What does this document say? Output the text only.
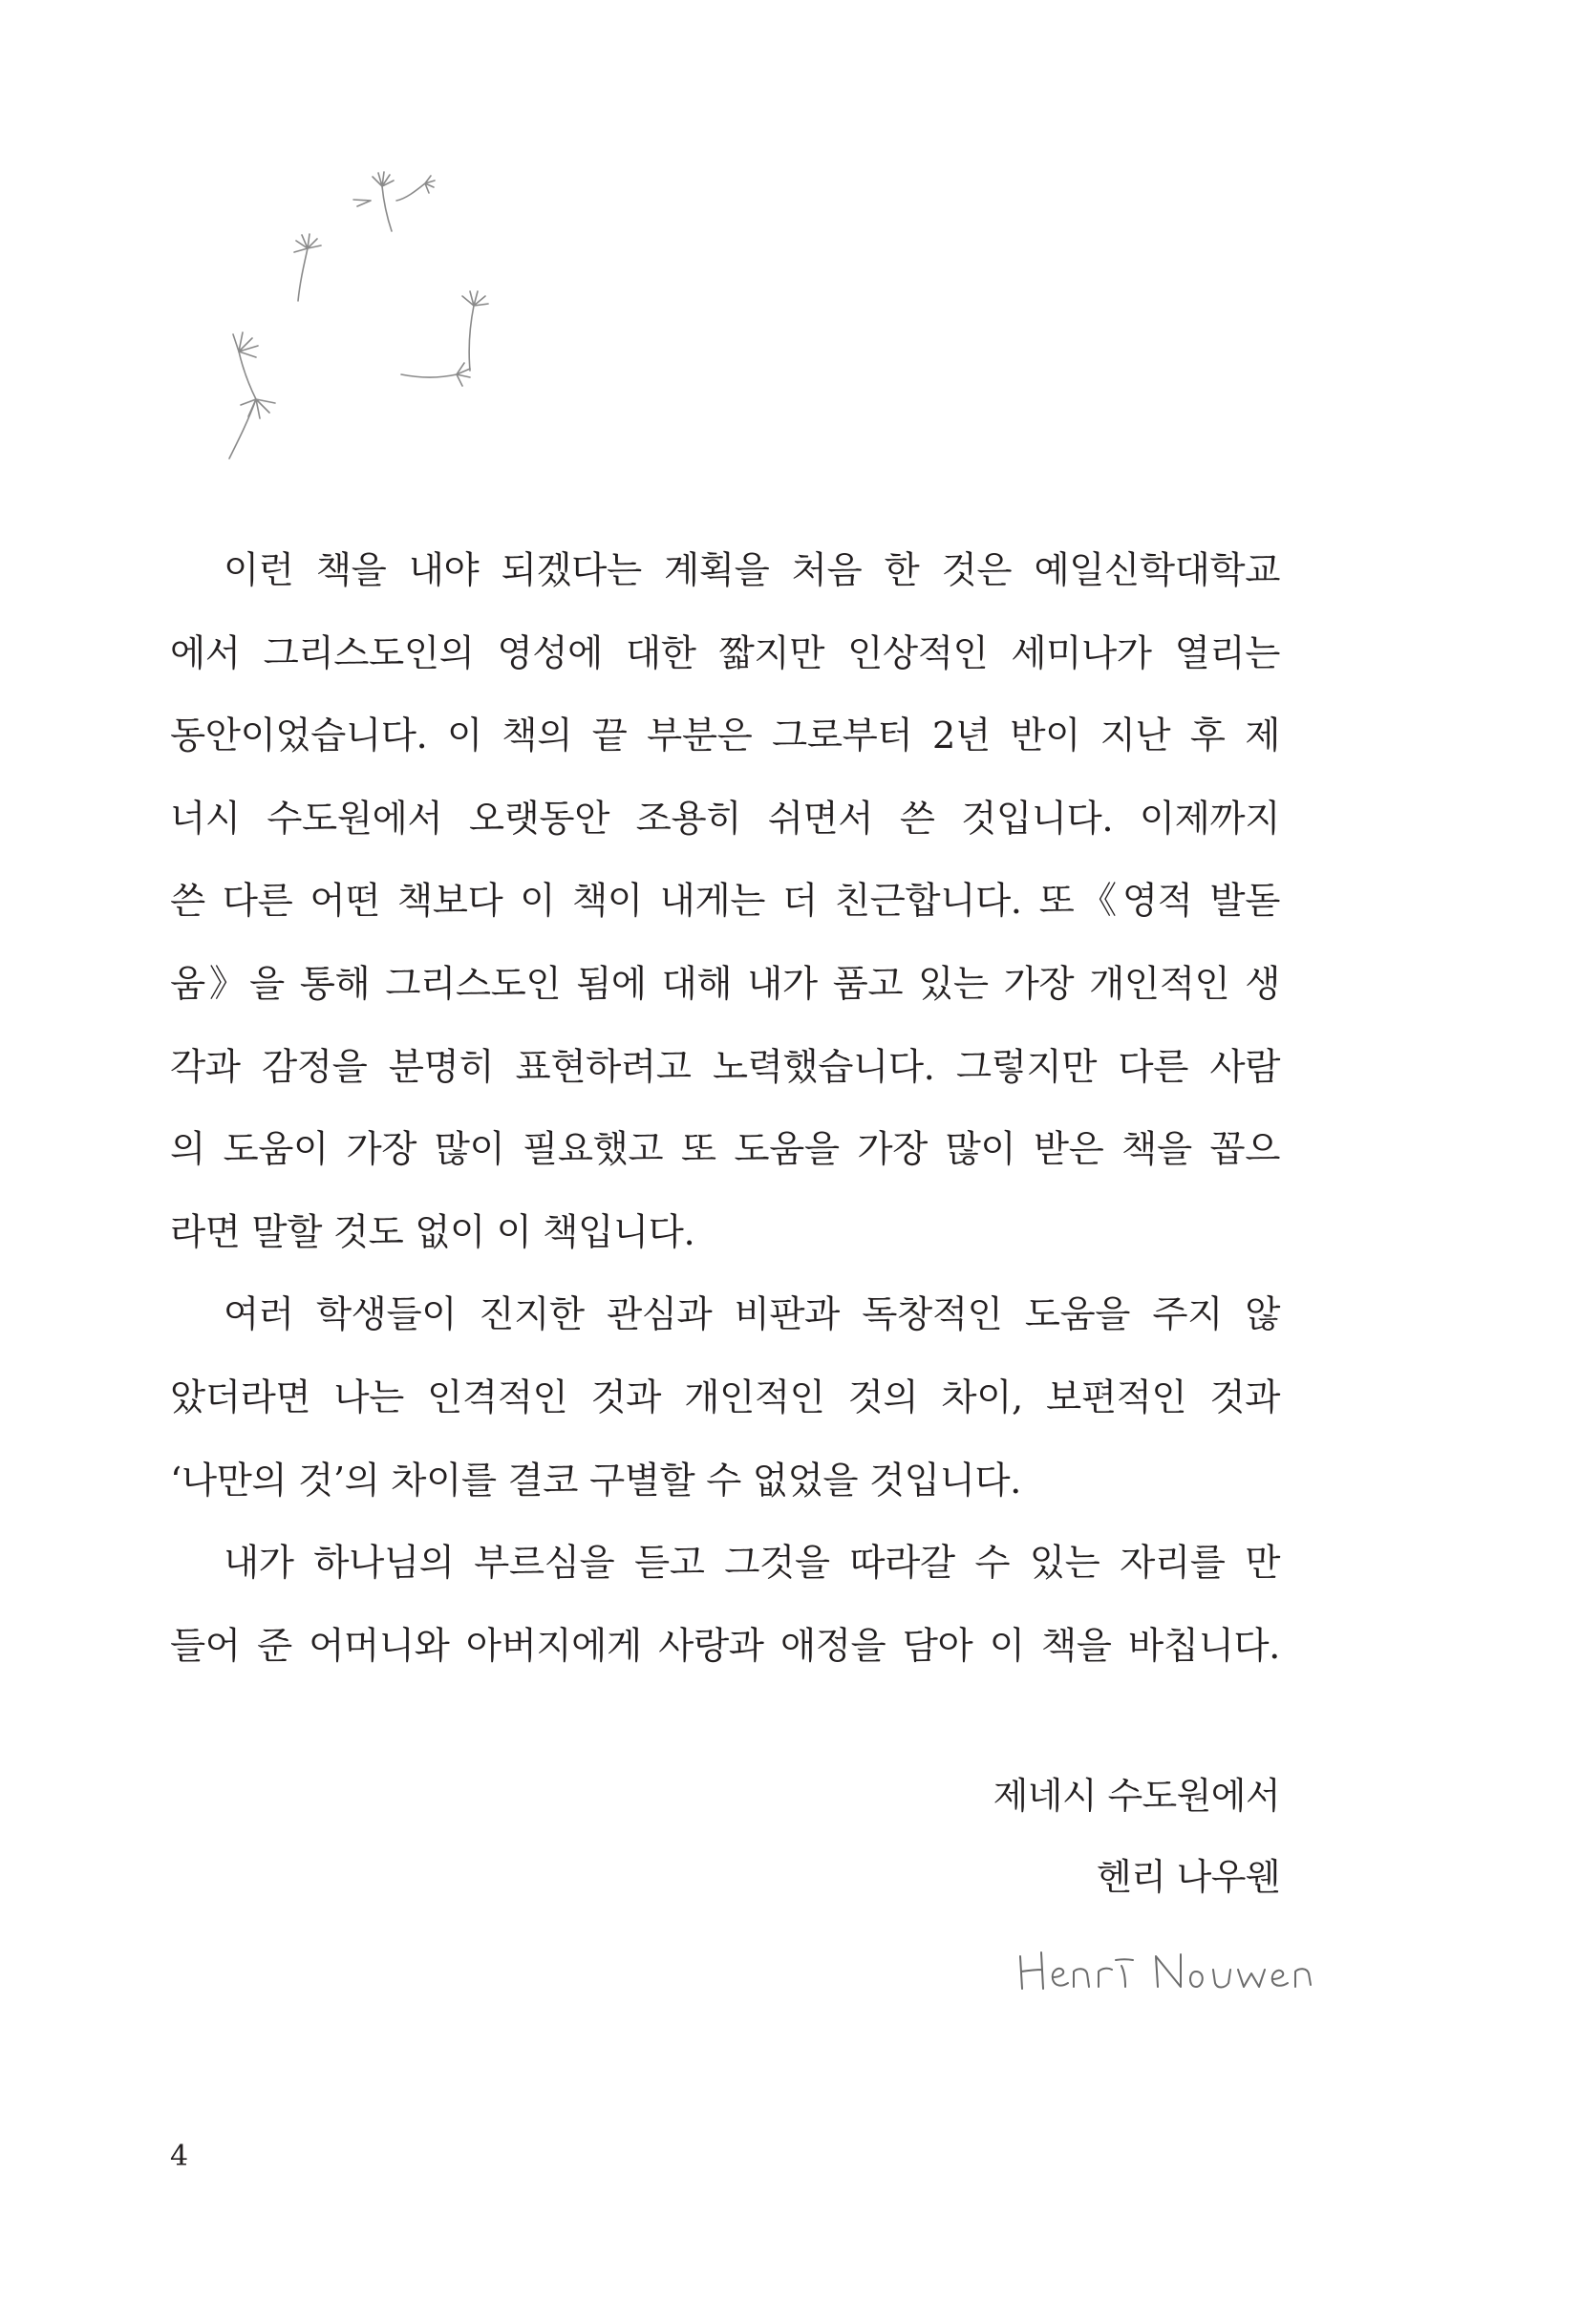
이런 책을 내야 되겠다는 계획을 처음 한 것은 예일신학대학교
에서 그리스도인의 영성에 대한 짧지만 인상적인 세미나가 열리는
동안이었습니다. 이 책의 끝 부분은 그로부터 2년 반이 지난 후 제
너시 수도원에서 오랫동안 조용히 쉬면서 쓴 것입니다. 이제까지
쓴 다른 어떤 책보다 이 책이 내게는 더 친근합니다. 또《영적 발돋
움》을 통해 그리스도인 됨에 대해 내가 품고 있는 가장 개인적인 생
각과 감정을 분명히 표현하려고 노력했습니다. 그렇지만 다른 사람
의 도움이 가장 많이 필요했고 또 도움을 가장 많이 받은 책을 꼽으
라면 말할 것도 없이 이 책입니다.
여러 학생들이 진지한 관심과 비판과 독창적인 도움을 주지 않
았더라면 나는 인격적인 것과 개인적인 것의 차이, 보편적인 것과
‘나만의 것’의 차이를 결코 구별할 수 없었을 것입니다.
내가 하나님의 부르심을 듣고 그것을 따라갈 수 있는 자리를 만
들어 준 어머니와 아버지에게 사랑과 애정을 담아 이 책을 바칩니다.
제네시 수도원에서
헨리 나우웬
4
